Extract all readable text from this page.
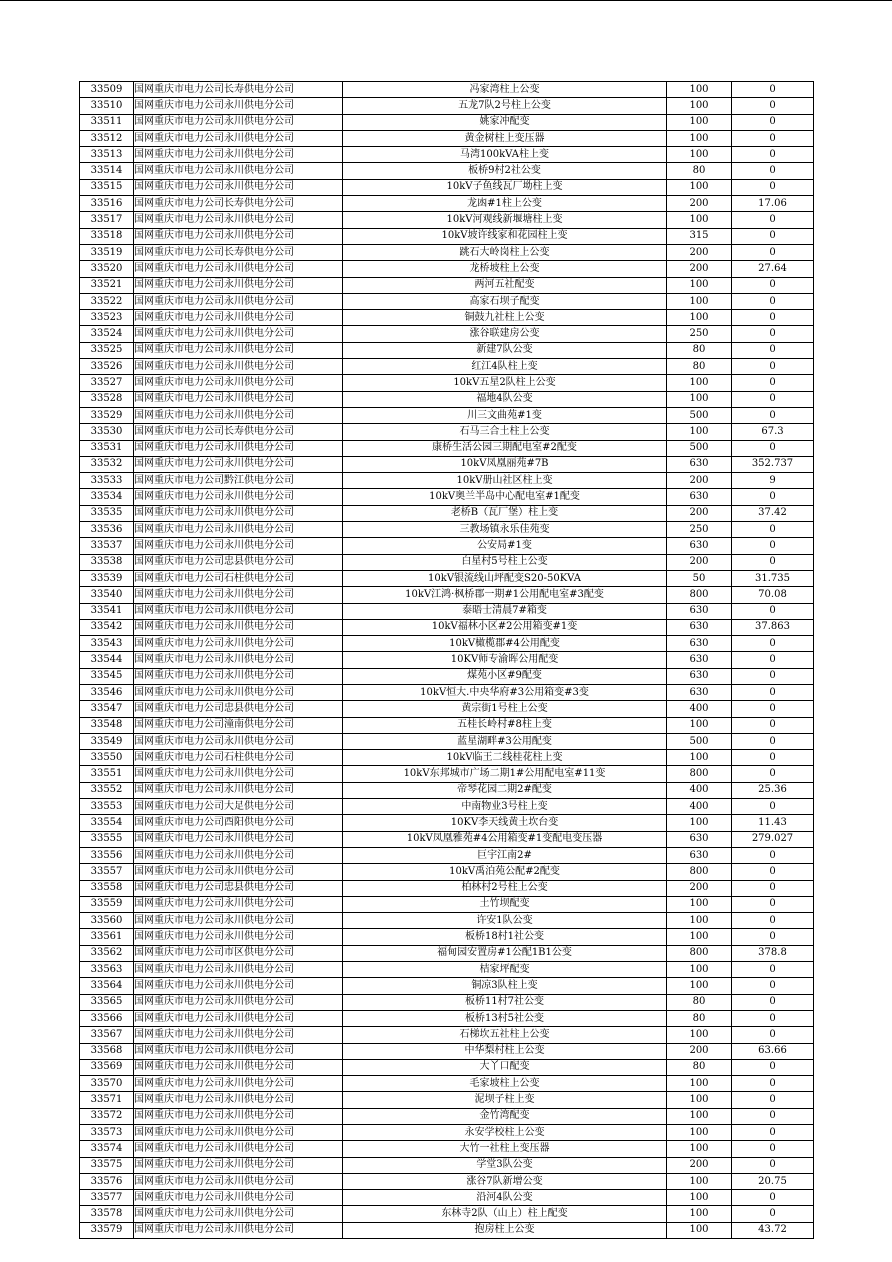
33509	国网重庆市电力公司长寿供电分公司	冯家湾柱上公变	100	0
33510	国网重庆市电力公司永川供电分公司	五龙7队2号柱上公变	100	0
33511	国网重庆市电力公司永川供电分公司	姚家冲配变	100	0
33512	国网重庆市电力公司永川供电分公司	黄金树柱上变压器	100	0
33513	国网重庆市电力公司永川供电分公司	马湾100kVA柱上变	100	0
33514	国网重庆市电力公司永川供电分公司	板桥9村2社公变	80	0
33515	国网重庆市电力公司永川供电分公司	10kV子鱼线瓦厂坳柱上变	100	0
33516	国网重庆市电力公司长寿供电分公司	龙凼#1柱上公变	200	17.06
33517	国网重庆市电力公司永川供电分公司	10kV河观线新堰塘柱上变	100	0
33518	国网重庆市电力公司永川供电分公司	10kV坡许线家和花园柱上变	315	0
33519	国网重庆市电力公司长寿供电分公司	跳石大岭岗柱上公变	200	0
33520	国网重庆市电力公司永川供电分公司	龙桥坡柱上公变	200	27.64
33521	国网重庆市电力公司永川供电分公司	两河五社配变	100	0
33522	国网重庆市电力公司永川供电分公司	高家石坝子配变	100	0
33523	国网重庆市电力公司永川供电分公司	铜鼓九社柱上公变	100	0
33524	国网重庆市电力公司永川供电分公司	涨谷联建房公变	250	0
33525	国网重庆市电力公司永川供电分公司	新建7队公变	80	0
33526	国网重庆市电力公司永川供电分公司	红江4队柱上变	80	0
33527	国网重庆市电力公司永川供电分公司	10kV五星2队柱上公变	100	0
33528	国网重庆市电力公司永川供电分公司	福地4队公变	100	0
33529	国网重庆市电力公司永川供电分公司	川三文曲苑#1变	500	0
33530	国网重庆市电力公司长寿供电分公司	石马三合土柱上公变	100	67.3
33531	国网重庆市电力公司永川供电分公司	康桥生活公园三期配电室#2配变	500	0
33532	国网重庆市电力公司永川供电分公司	10kV凤凰丽苑#7B	630	352.737
33533	国网重庆市电力公司黔江供电分公司	10kV册山社区柱上变	200	9
33534	国网重庆市电力公司永川供电分公司	10kV奥兰半岛中心配电室#1配变	630	0
33535	国网重庆市电力公司永川供电分公司	老桥B（瓦厂堡）柱上变	200	37.42
33536	国网重庆市电力公司永川供电分公司	三教场镇永乐佳苑变	250	0
33537	国网重庆市电力公司永川供电分公司	公安局#1变	630	0
33538	国网重庆市电力公司忠县供电分公司	白星村5号柱上公变	200	0
33539	国网重庆市电力公司石柱供电分公司	10kV银流线山坪配变S20-50KVA	50	31.735
33540	国网重庆市电力公司永川供电分公司	10kV江鸿·枫桥郡一期#1公用配电室#3配变	800	70.08
33541	国网重庆市电力公司永川供电分公司	泰晤士清晨7#箱变	630	0
33542	国网重庆市电力公司永川供电分公司	10kV福林小区#2公用箱变#1变	630	37.863
33543	国网重庆市电力公司永川供电分公司	10kV橄榄郡#4公用配变	630	0
33544	国网重庆市电力公司永川供电分公司	10KV师专渝晖公用配变	630	0
33545	国网重庆市电力公司永川供电分公司	煤苑小区#9配变	630	0
33546	国网重庆市电力公司永川供电分公司	10kV恒大.中央华府#3公用箱变#3变	630	0
33547	国网重庆市电力公司忠县供电分公司	黄宗街1号柱上公变	400	0
33548	国网重庆市电力公司潼南供电分公司	五桂长岭村#8柱上变	100	0
33549	国网重庆市电力公司永川供电分公司	蓝星湖畔#3公用配变	500	0
33550	国网重庆市电力公司石柱供电分公司	10kV临王二线桂花柱上变	100	0
33551	国网重庆市电力公司永川供电分公司	10kV东邦城市广场二期1#公用配电室#11变	800	0
33552	国网重庆市电力公司永川供电分公司	帝琴花园二期2#配变	400	25.36
33553	国网重庆市电力公司大足供电分公司	中南物业3号柱上变	400	0
33554	国网重庆市电力公司酉阳供电分公司	10KV李天线黄土坎台变	100	11.43
33555	国网重庆市电力公司永川供电分公司	10kV凤凰雅苑#4公用箱变#1变配电变压器	630	279.027
33556	国网重庆市电力公司永川供电分公司	巨宇江南2#	630	0
33557	国网重庆市电力公司永川供电分公司	10kV禹泊苑公配#2配变	800	0
33558	国网重庆市电力公司忠县供电分公司	柏林村2号柱上公变	200	0
33559	国网重庆市电力公司永川供电分公司	土竹坝配变	100	0
33560	国网重庆市电力公司永川供电分公司	许安1队公变	100	0
33561	国网重庆市电力公司永川供电分公司	板桥18村1社公变	100	0
33562	国网重庆市电力公司市区供电分公司	福甸园安置房#1公配1B1公变	800	378.8
33563	国网重庆市电力公司永川供电分公司	桔家坪配变	100	0
33564	国网重庆市电力公司永川供电分公司	铜凉3队柱上变	100	0
33565	国网重庆市电力公司永川供电分公司	板桥11村7社公变	80	0
33566	国网重庆市电力公司永川供电分公司	板桥13村5社公变	80	0
33567	国网重庆市电力公司永川供电分公司	石梯坎五社柱上公变	100	0
33568	国网重庆市电力公司永川供电分公司	中华梨村柱上公变	200	63.66
33569	国网重庆市电力公司永川供电分公司	大丫口配变	80	0
33570	国网重庆市电力公司永川供电分公司	毛家坡柱上公变	100	0
33571	国网重庆市电力公司永川供电分公司	泥坝子柱上变	100	0
33572	国网重庆市电力公司永川供电分公司	金竹湾配变	100	0
33573	国网重庆市电力公司永川供电分公司	永安学校柱上公变	100	0
33574	国网重庆市电力公司永川供电分公司	大竹一社柱上变压器	100	0
33575	国网重庆市电力公司永川供电分公司	学堂3队公变	200	0
33576	国网重庆市电力公司永川供电分公司	涨谷7队新增公变	100	20.75
33577	国网重庆市电力公司永川供电分公司	沿河4队公变	100	0
33578	国网重庆市电力公司永川供电分公司	东林寺2队（山上）柱上配变	100	0
33579	国网重庆市电力公司永川供电分公司	抱房柱上公变	100	43.72
